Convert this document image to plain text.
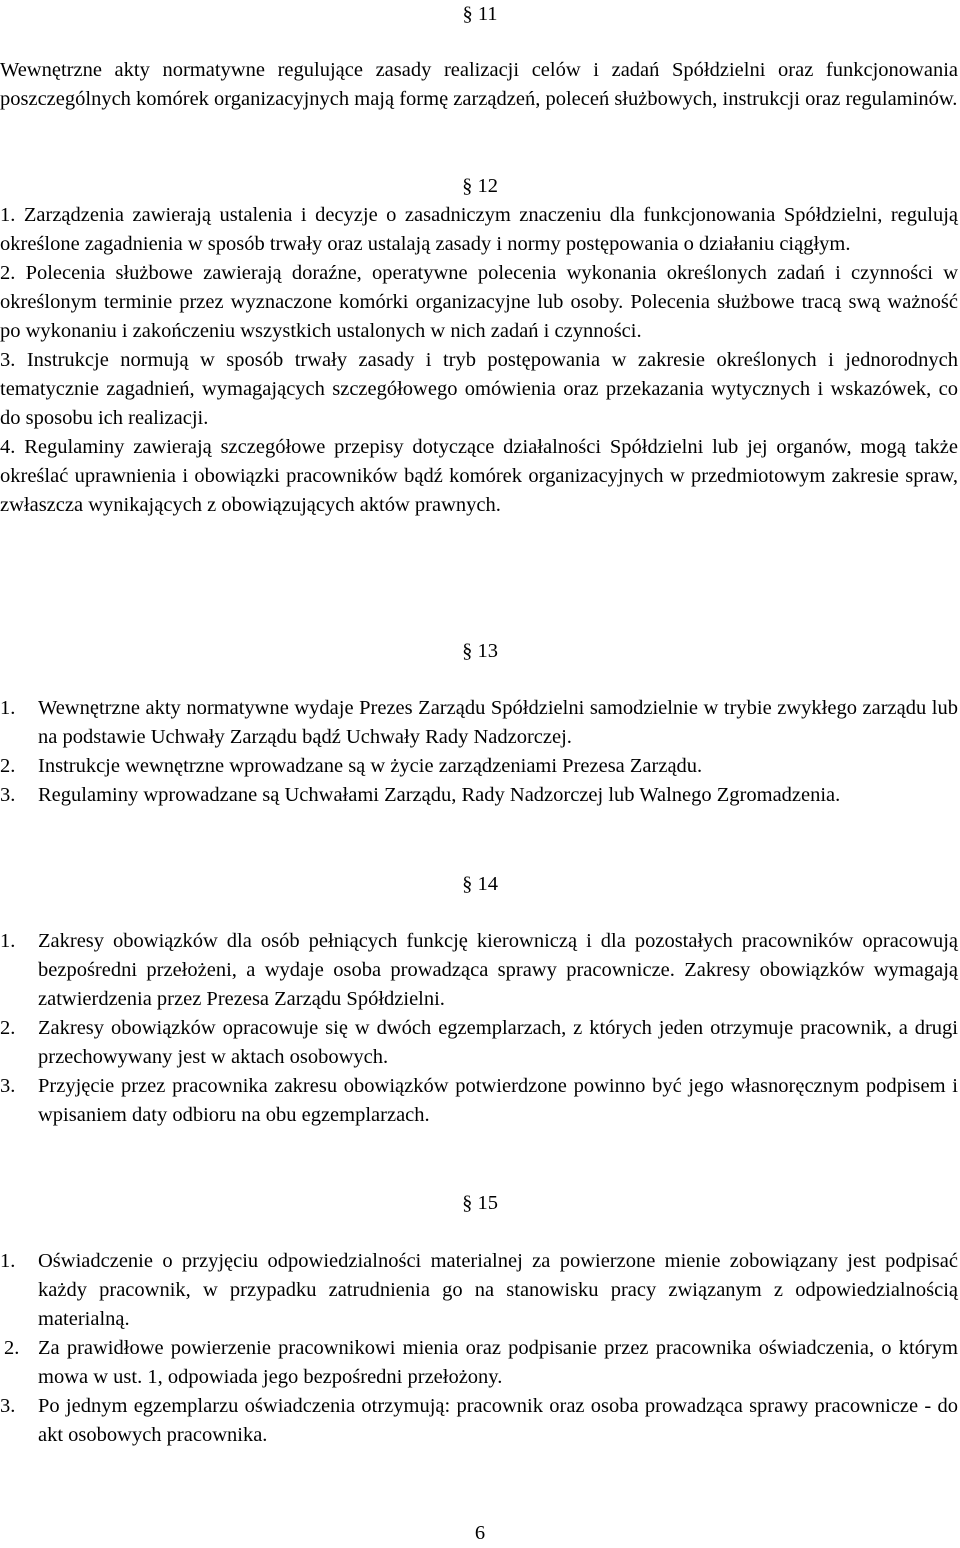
§ 11

Wewnętrzne akty normatywne regulujące zasady realizacji celów i zadań Spółdzielni oraz funkcjonowania poszczególnych komórek organizacyjnych mają formę zarządzeń, poleceń służbowych, instrukcji oraz regulaminów.

§ 12

1. Zarządzenia zawierają ustalenia i decyzje o zasadniczym znaczeniu dla funkcjonowania Spółdzielni, regulują określone zagadnienia w sposób trwały oraz ustalają zasady i normy postępowania o działaniu ciągłym.

2. Polecenia służbowe zawierają doraźne, operatywne polecenia wykonania określonych zadań i czynności w określonym terminie przez wyznaczone komórki organizacyjne lub osoby. Polecenia służbowe tracą swą ważność po wykonaniu i zakończeniu wszystkich ustalonych w nich zadań i czynności.

3. Instrukcje normują w sposób trwały zasady i tryb postępowania w zakresie określonych i jednorodnych tematycznie zagadnień, wymagających szczegółowego omówienia oraz przekazania wytycznych i wskazówek, co do sposobu ich realizacji.

4. Regulaminy zawierają szczegółowe przepisy dotyczące działalności Spółdzielni lub jej organów, mogą także określać uprawnienia i obowiązki pracowników bądź komórek organizacyjnych w przedmiotowym zakresie spraw, zwłaszcza wynikających z obowiązujących aktów prawnych.

§ 13
1.	Wewnętrzne akty normatywne wydaje Prezes Zarządu Spółdzielni samodzielnie w trybie zwykłego zarządu lub na podstawie Uchwały Zarządu bądź Uchwały Rady Nadzorczej.
2.	Instrukcje wewnętrzne wprowadzane są w życie zarządzeniami Prezesa Zarządu.
3.	Regulaminy wprowadzane są Uchwałami Zarządu, Rady Nadzorczej lub Walnego Zgromadzenia.
§ 14
1.	Zakresy obowiązków dla osób pełniących funkcję kierowniczą i dla pozostałych pracowników opracowują bezpośredni przełożeni, a wydaje osoba prowadząca sprawy pracownicze. Zakresy obowiązków wymagają zatwierdzenia przez Prezesa Zarządu Spółdzielni.
2.	Zakresy obowiązków opracowuje się w dwóch egzemplarzach, z których jeden otrzymuje pracownik, a drugi przechowywany jest w aktach osobowych.
3.	Przyjęcie przez pracownika zakresu obowiązków potwierdzone powinno być jego własnoręcznym podpisem i wpisaniem daty odbioru na obu egzemplarzach.
§ 15
1.	Oświadczenie o przyjęciu odpowiedzialności materialnej za powierzone mienie zobowiązany jest podpisać każdy pracownik, w przypadku zatrudnienia go na stanowisku pracy związanym z odpowiedzialnością materialną.
2. Za prawidłowe powierzenie pracownikowi mienia oraz podpisanie przez pracownika oświadczenia, o którym mowa w ust. 1, odpowiada jego bezpośredni przełożony.
3.	Po jednym egzemplarzu oświadczenia otrzymują: pracownik oraz osoba prowadząca sprawy pracownicze - do akt osobowych pracownika.
6
